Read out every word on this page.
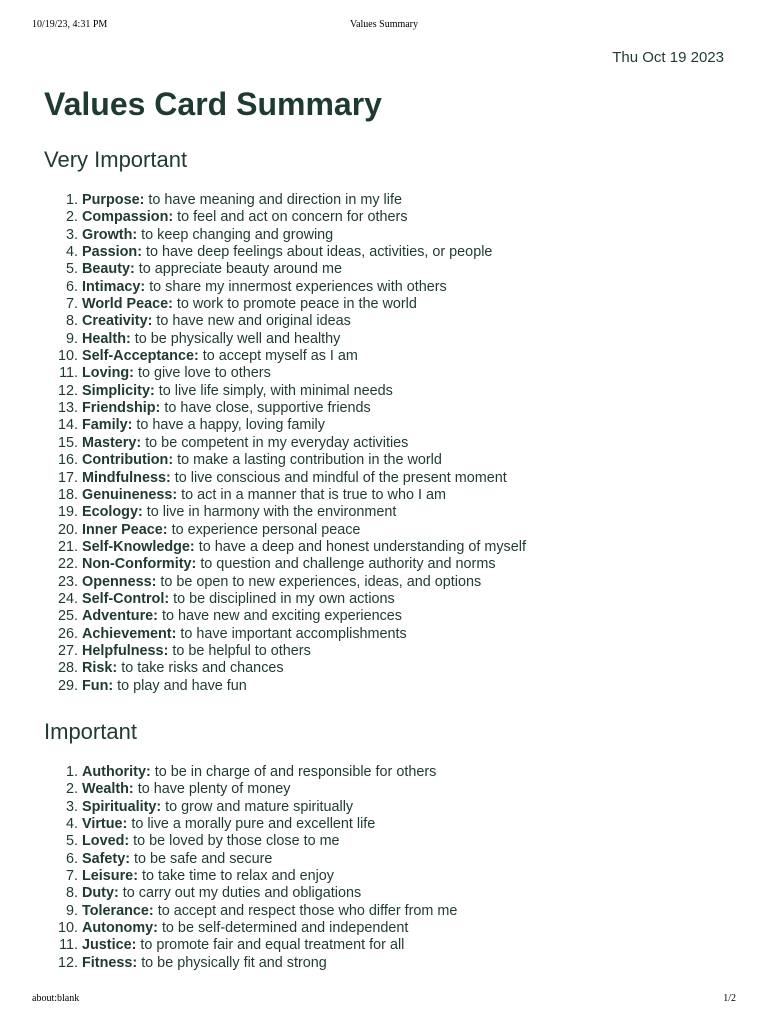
10/19/23, 4:31 PM	Values Summary
Thu Oct 19 2023
Values Card Summary
Very Important
1. Purpose: to have meaning and direction in my life
2. Compassion: to feel and act on concern for others
3. Growth: to keep changing and growing
4. Passion: to have deep feelings about ideas, activities, or people
5. Beauty: to appreciate beauty around me
6. Intimacy: to share my innermost experiences with others
7. World Peace: to work to promote peace in the world
8. Creativity: to have new and original ideas
9. Health: to be physically well and healthy
10. Self-Acceptance: to accept myself as I am
11. Loving: to give love to others
12. Simplicity: to live life simply, with minimal needs
13. Friendship: to have close, supportive friends
14. Family: to have a happy, loving family
15. Mastery: to be competent in my everyday activities
16. Contribution: to make a lasting contribution in the world
17. Mindfulness: to live conscious and mindful of the present moment
18. Genuineness: to act in a manner that is true to who I am
19. Ecology: to live in harmony with the environment
20. Inner Peace: to experience personal peace
21. Self-Knowledge: to have a deep and honest understanding of myself
22. Non-Conformity: to question and challenge authority and norms
23. Openness: to be open to new experiences, ideas, and options
24. Self-Control: to be disciplined in my own actions
25. Adventure: to have new and exciting experiences
26. Achievement: to have important accomplishments
27. Helpfulness: to be helpful to others
28. Risk: to take risks and chances
29. Fun: to play and have fun
Important
1. Authority: to be in charge of and responsible for others
2. Wealth: to have plenty of money
3. Spirituality: to grow and mature spiritually
4. Virtue: to live a morally pure and excellent life
5. Loved: to be loved by those close to me
6. Safety: to be safe and secure
7. Leisure: to take time to relax and enjoy
8. Duty: to carry out my duties and obligations
9. Tolerance: to accept and respect those who differ from me
10. Autonomy: to be self-determined and independent
11. Justice: to promote fair and equal treatment for all
12. Fitness: to be physically fit and strong
about:blank	1/2
